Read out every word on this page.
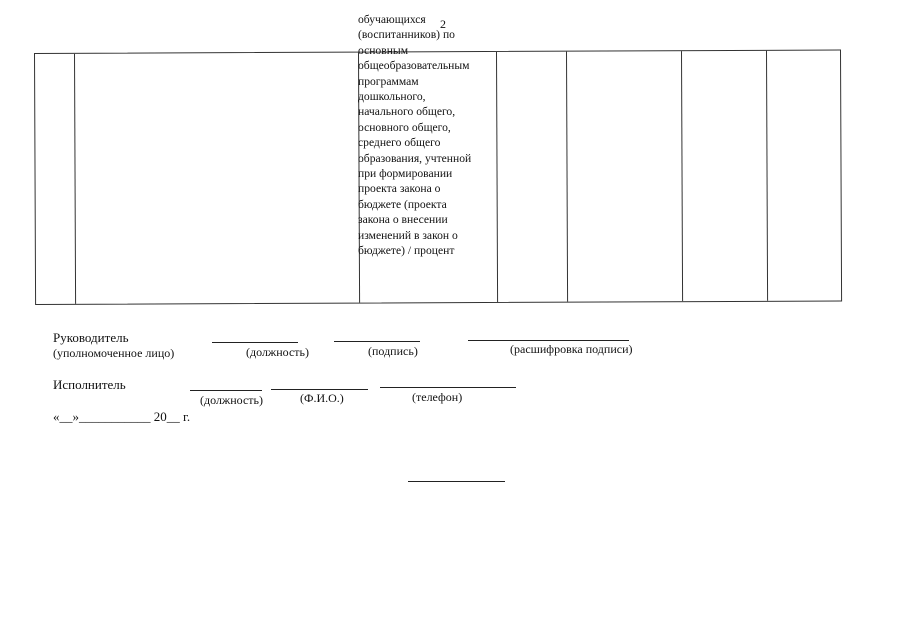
2
обучающихся
(воспитанников) по
основным
общеобразовательным
программам
дошкольного,
начального общего,
основного общего,
среднего общего
образования, учтенной
при формировании
проекта закона о
бюджете (проекта
закона о внесении
изменений в закон о
бюджете) / процент
Руководитель
(уполномоченное лицо)	(должность)	(подпись)	(расшифровка подписи)
Исполнитель
(должность)	(Ф.И.О.)	(телефон)
«__»___________ 20__ г.
